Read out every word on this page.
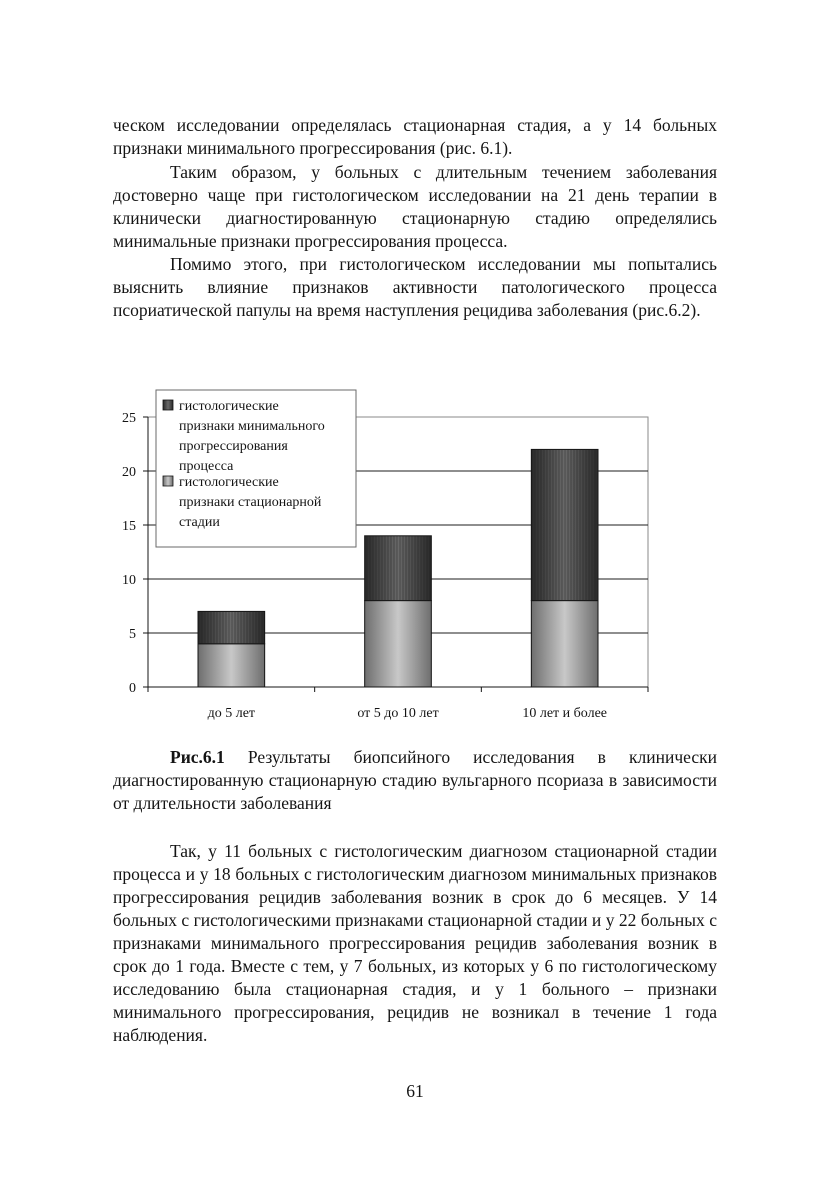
ческом исследовании определялась стационарная стадия, а у 14 больных признаки минимального прогрессирования (рис. 6.1).

Таким образом, у больных с длительным течением заболевания достоверно чаще при гистологическом исследовании на 21 день терапии в клинически диагностированную стационарную стадию определялись минимальные признаки прогрессирования процесса.

Помимо этого, при гистологическом исследовании мы попытались выяснить влияние признаков активности патологического процесса псориатической папулы на время наступления рецидива заболевания (рис.6.2).

0
5
10
15
20
25
до 5 лет	от 5 до 10 лет	10 лет и более
гистологические признаки минимального прогрессирования процесса
гистологические признаки стационарной стадии

Рис.6.1 Результаты биопсийного исследования в клинически диагностированную стационарную стадию вульгарного псориаза в зависимости от длительности заболевания

Так, у 11 больных с гистологическим диагнозом стационарной стадии процесса и у 18 больных с гистологическим диагнозом минимальных признаков прогрессирования рецидив заболевания возник в срок до 6 месяцев. У 14 больных с гистологическими признаками стационарной стадии и у 22 больных с признаками минимального прогрессирования рецидив заболевания возник в срок до 1 года. Вместе с тем, у 7 больных, из которых у 6 по гистологическому исследованию была стационарная стадия, и у 1 больного – признаки минимального прогрессирования, рецидив не возникал в течение 1 года наблюдения.

61
